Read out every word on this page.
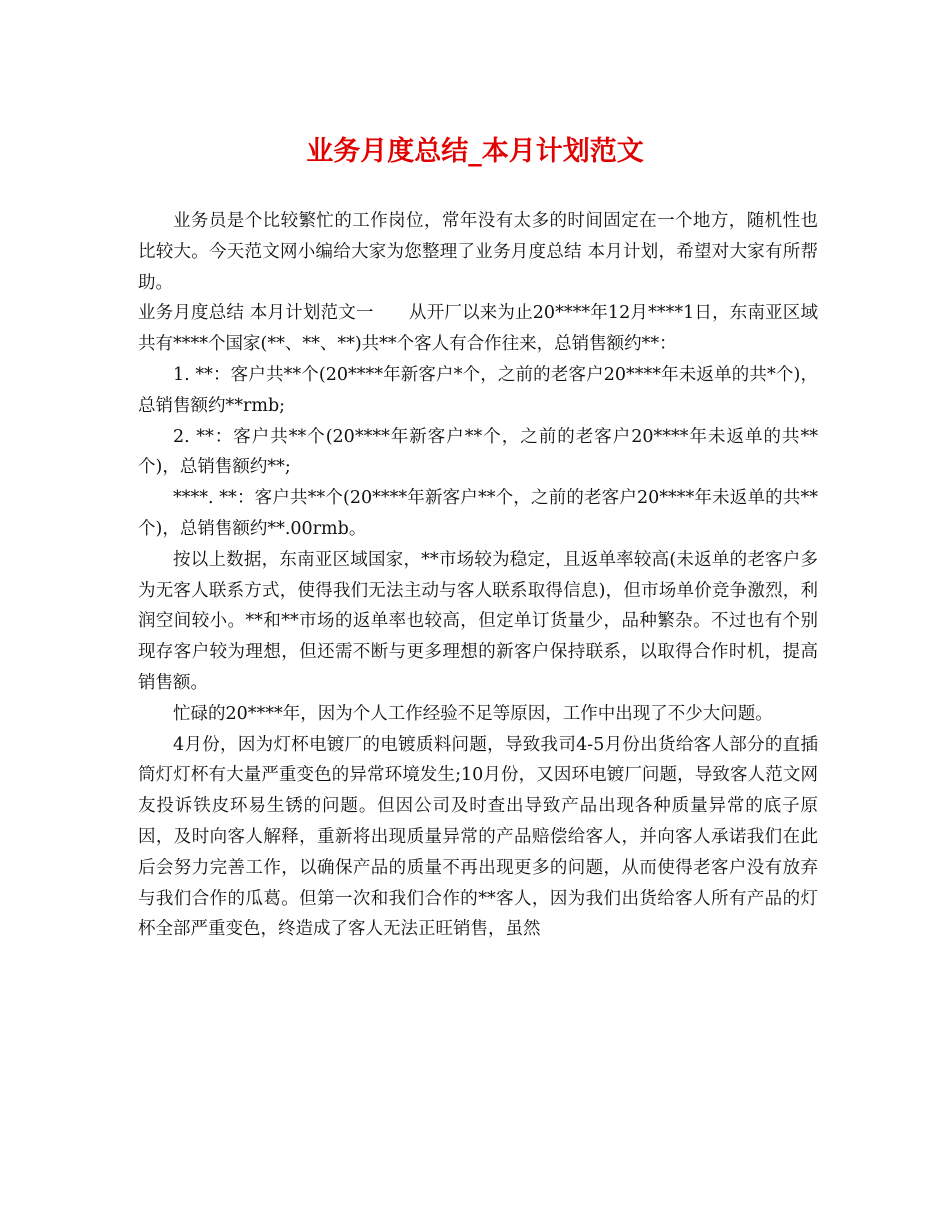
业务月度总结_本月计划范文

业务员是个比较繁忙的工作岗位，常年没有太多的时间固定在一个地方，随机性也比较大。今天范文网小编给大家为您整理了业务月度总结 本月计划，希望对大家有所帮助。

业务月度总结 本月计划范文一　　从开厂以来为止20****年12月****1日，东南亚区域共有****个国家(**、**、**)共**个客人有合作往来，总销售额约**：

1. **：客户共**个(20****年新客户*个，之前的老客户20****年未返单的共*个)，总销售额约**rmb;

2. **：客户共**个(20****年新客户**个，之前的老客户20****年未返单的共**个)，总销售额约**;

****. **：客户共**个(20****年新客户**个，之前的老客户20****年未返单的共**个)，总销售额约**.00rmb。

按以上数据，东南亚区域国家，**市场较为稳定，且返单率较高(未返单的老客户多为无客人联系方式，使得我们无法主动与客人联系取得信息)，但市场单价竞争激烈，利润空间较小。**和**市场的返单率也较高，但定单订货量少，品种繁杂。不过也有个别现存客户较为理想，但还需不断与更多理想的新客户保持联系，以取得合作时机，提高销售额。

忙碌的20****年，因为个人工作经验不足等原因，工作中出现了不少大问题。

4月份，因为灯杯电镀厂的电镀质料问题，导致我司4-5月份出货给客人部分的直插筒灯灯杯有大量严重变色的异常环境发生;10月份，又因环电镀厂问题，导致客人范文网友投诉铁皮环易生锈的问题。但因公司及时查出导致产品出现各种质量异常的底子原因，及时向客人解释，重新将出现质量异常的产品赔偿给客人，并向客人承诺我们在此后会努力完善工作，以确保产品的质量不再出现更多的问题，从而使得老客户没有放弃与我们合作的瓜葛。但第一次和我们合作的**客人，因为我们出货给客人所有产品的灯杯全部严重变色，终造成了客人无法正旺销售，虽然
